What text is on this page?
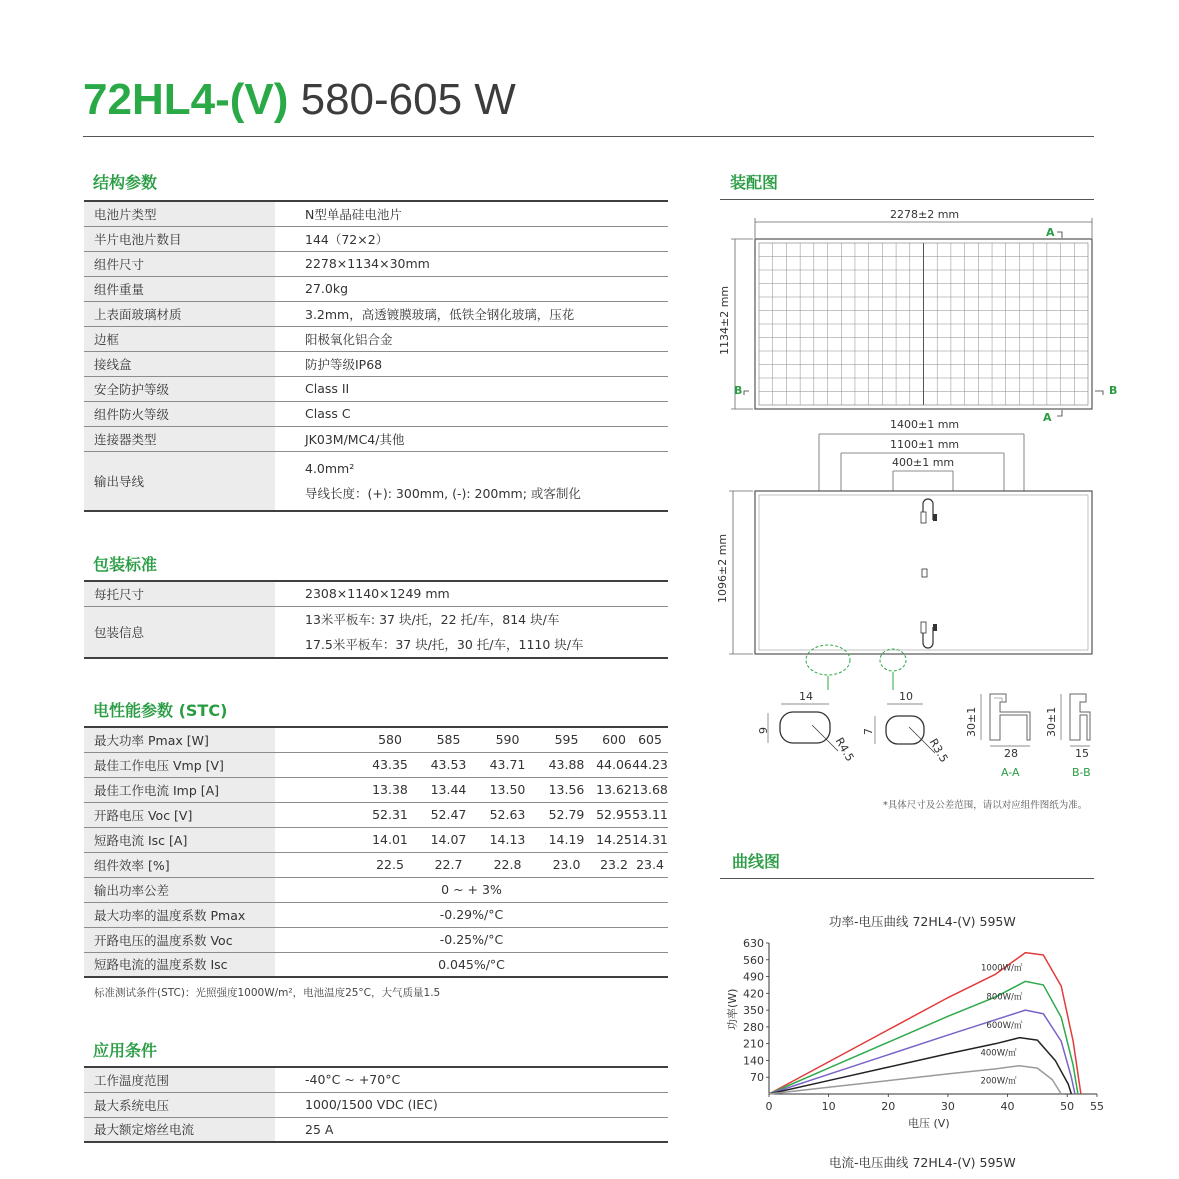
72HL4-(V) 580-605 W
结构参数
电池片类型	N型单晶硅电池片
半片电池片数目	144（72×2）
组件尺寸	2278×1134×30mm
组件重量	27.0kg
上表面玻璃材质	3.2mm，高透镀膜玻璃，低铁全钢化玻璃，压花
边框	阳极氧化铝合金
接线盒	防护等级IP68
安全防护等级	Class II
组件防火等级	Class C
连接器类型	JK03M/MC4/其他
输出导线	4.0mm²
导线长度：(+): 300mm, (-): 200mm; 或客制化
包装标准
每托尺寸	2308×1140×1249 mm
包装信息	13米平板车: 37 块/托，22 托/车，814 块/车
17.5米平板车：37 块/托，30 托/车，1110 块/车
电性能参数 (STC)
最大功率 Pmax [W]		580	585	590	595	600	605
最佳工作电压 Vmp [V]		43.35	43.53	43.71	43.88	44.06	44.23
最佳工作电流 Imp [A]		13.38	13.44	13.50	13.56	13.62	13.68
开路电压 Voc [V]		52.31	52.47	52.63	52.79	52.95	53.11
短路电流 Isc [A]		14.01	14.07	14.13	14.19	14.25	14.31
组件效率 [%]		22.5	22.7	22.8	23.0	23.2	23.4
输出功率公差	0 ~ + 3%						
最大功率的温度系数 Pmax	-0.29%/°C						
开路电压的温度系数 Voc	-0.25%/°C						
短路电流的温度系数 Isc	0.045%/°C						
标准测试条件(STC)：光照强度1000W/m²，电池温度25°C，大气质量1.5
应用条件
工作温度范围	-40°C ~ +70°C
最大系统电压	1000/1500 VDC (IEC)
最大额定熔丝电流	25 A
装配图
2278±2 mm
1134±2 mm
A
A
B	B
1400±1 mm
1100±1 mm
400±1 mm
1096±2 mm
14
9
R4.5
10
7
R3.5
30±1
28
A-A
30±1
15
B-B
*具体尺寸及公差范围，请以对应组件图纸为准。
曲线图
功率-电压曲线 72HL4-(V) 595W
1000W/㎡
800W/㎡
600W/㎡
400W/㎡
200W/㎡
0	10	20	30	40	50 55
70
140
210
280
350
420
490
560
630
功率(W)
电压 (V)
电流-电压曲线 72HL4-(V) 595W
